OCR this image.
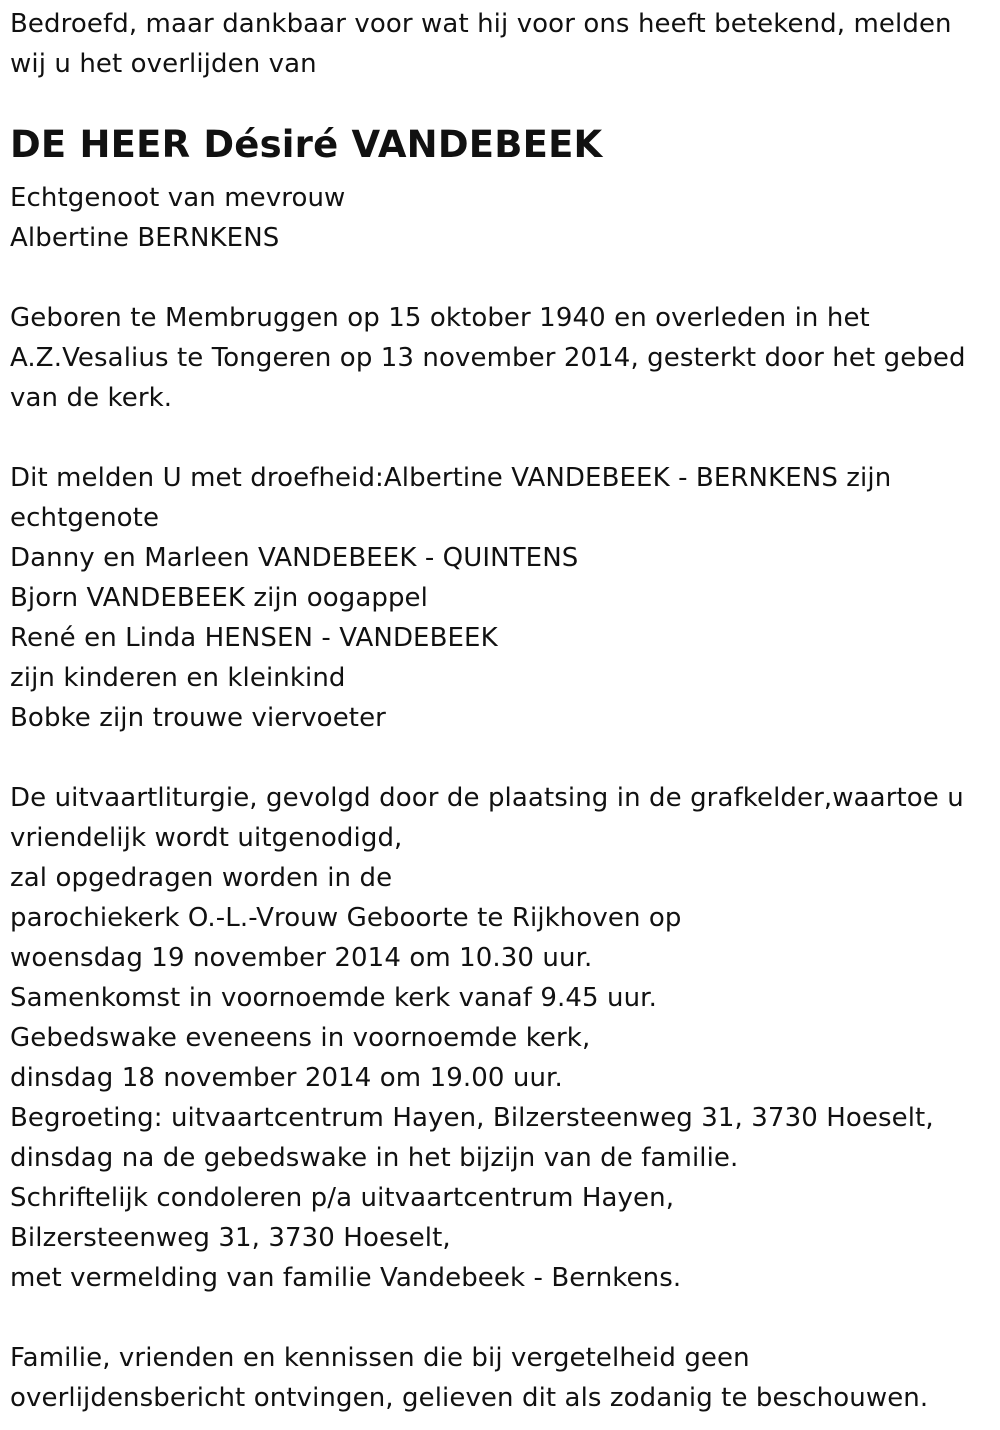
Bedroefd, maar dankbaar voor wat hij voor ons heeft betekend, melden
wij u het overlijden van
DE HEER Désiré VANDEBEEK
Echtgenoot van mevrouw
Albertine BERNKENS
Geboren te Membruggen op 15 oktober 1940 en overleden in het
A.Z.Vesalius te Tongeren op 13 november 2014, gesterkt door het gebed
van de kerk.
Dit melden U met droefheid:Albertine VANDEBEEK - BERNKENS zijn
echtgenote
Danny en Marleen VANDEBEEK - QUINTENS
Bjorn VANDEBEEK zijn oogappel
René en Linda HENSEN - VANDEBEEK
zijn kinderen en kleinkind
Bobke zijn trouwe viervoeter
De uitvaartliturgie, gevolgd door de plaatsing in de grafkelder,waartoe u
vriendelijk wordt uitgenodigd,
zal opgedragen worden in de
parochiekerk O.-L.-Vrouw Geboorte te Rijkhoven op
woensdag 19 november 2014 om 10.30 uur.
Samenkomst in voornoemde kerk vanaf 9.45 uur.
Gebedswake eveneens in voornoemde kerk,
dinsdag 18 november 2014 om 19.00 uur.
Begroeting: uitvaartcentrum Hayen, Bilzersteenweg 31, 3730 Hoeselt,
dinsdag na de gebedswake in het bijzijn van de familie.
Schriftelijk condoleren p/a uitvaartcentrum Hayen,
Bilzersteenweg 31, 3730 Hoeselt,
met vermelding van familie Vandebeek - Bernkens.
Familie, vrienden en kennissen die bij vergetelheid geen
overlijdensbericht ontvingen, gelieven dit als zodanig te beschouwen.
